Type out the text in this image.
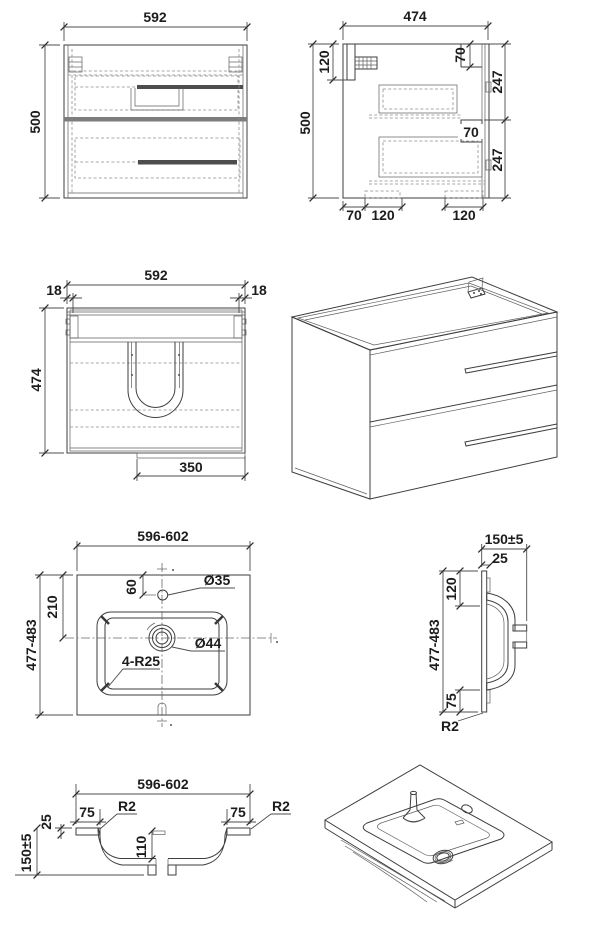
592
500
474
500
120	70
247
70
247
70 120	120
592
18	18
474
350
596-602
477-483
210
60	Ø35
Ø44
4-R25
150±5
25
477-483
120
75
R2
596-602
75 R2	75 R2
25
150±5	110
